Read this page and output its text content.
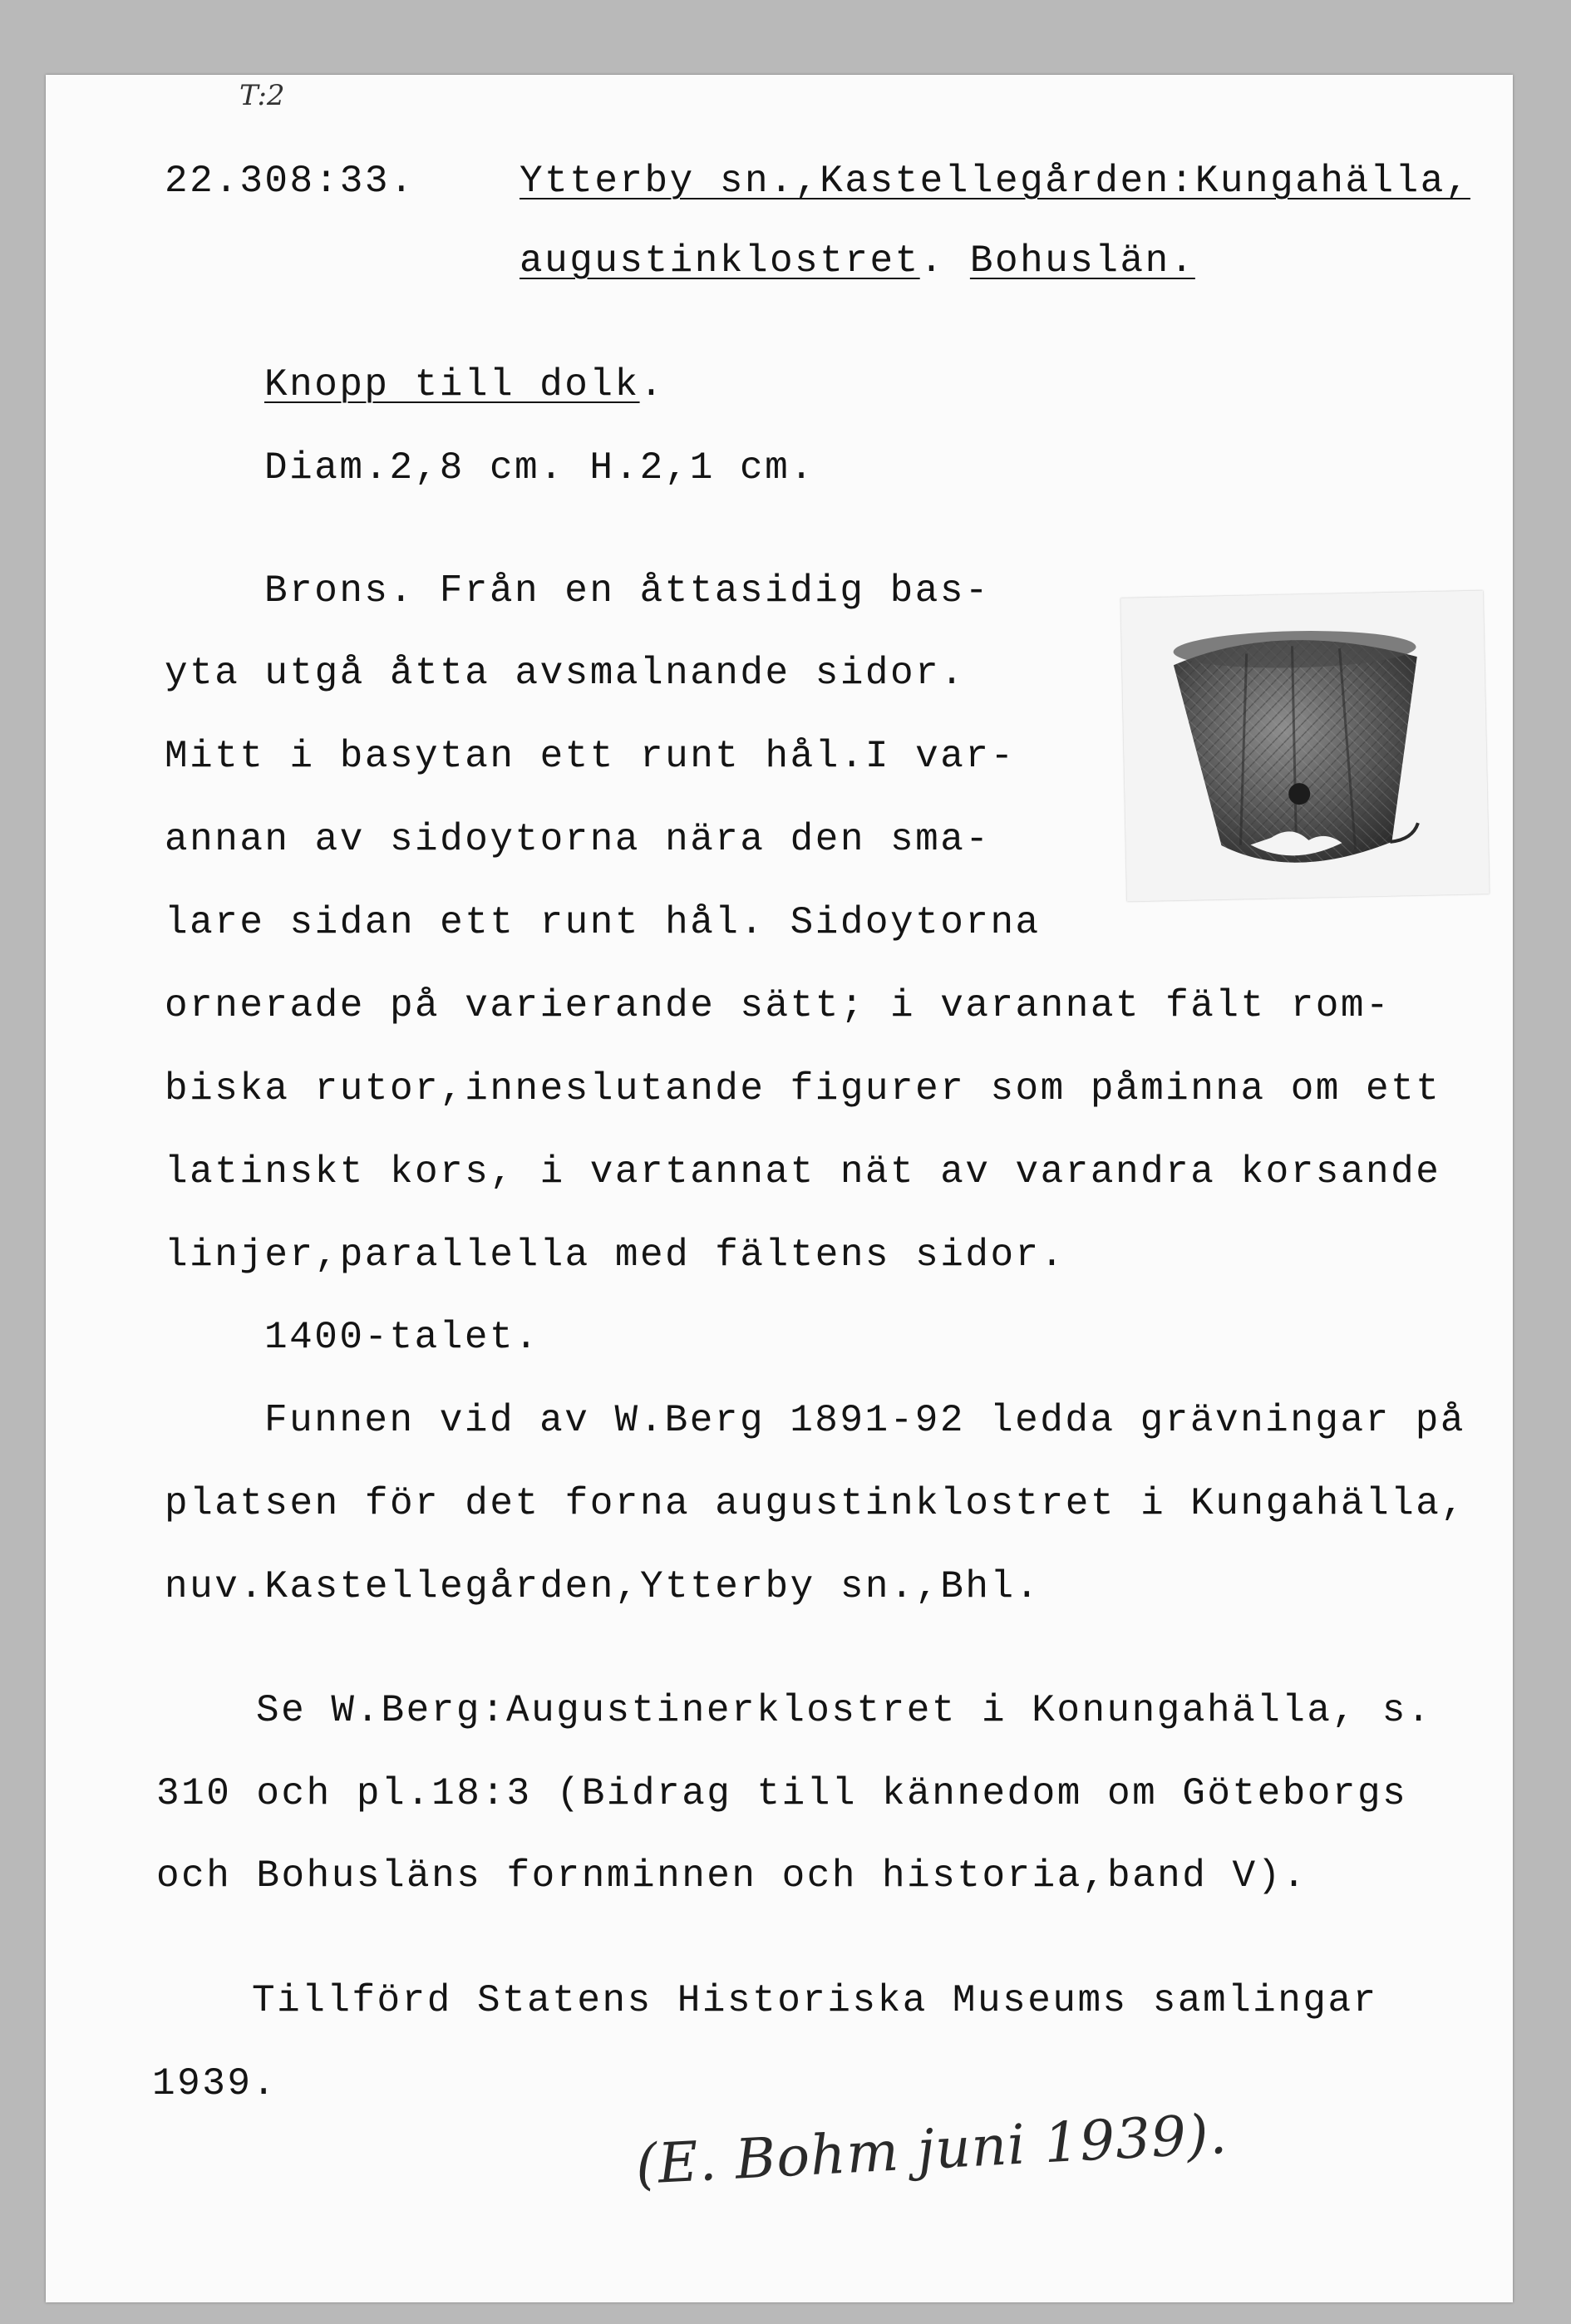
T:2
22.308:33.	Ytterby sn.,Kastellegården:Kungahälla,
augustinklostret. Bohuslän.
Knopp till dolk.
Diam.2,8 cm. H.2,1 cm.
Brons. Från en åttasidig bas-
yta utgå åtta avsmalnande sidor.
Mitt i basytan ett runt hål.I var-
annan av sidoytorna nära den sma-
lare sidan ett runt hål. Sidoytorna
ornerade på varierande sätt; i varannat fält rom-
biska rutor,inneslutande figurer som påminna om ett
latinskt kors, i vartannat nät av varandra korsande
linjer,parallella med fältens sidor.
1400-talet.
Funnen vid av W.Berg 1891-92 ledda grävningar på
platsen för det forna augustinklostret i Kungahälla,
nuv.Kastellegården,Ytterby sn.,Bhl.
Se W.Berg:Augustinerklostret i Konungahälla, s.
310 och pl.18:3 (Bidrag till kännedom om Göteborgs
och Bohusläns fornminnen och historia,band V).
Tillförd Statens Historiska Museums samlingar
1939.
(E. Bohm juni 1939).
